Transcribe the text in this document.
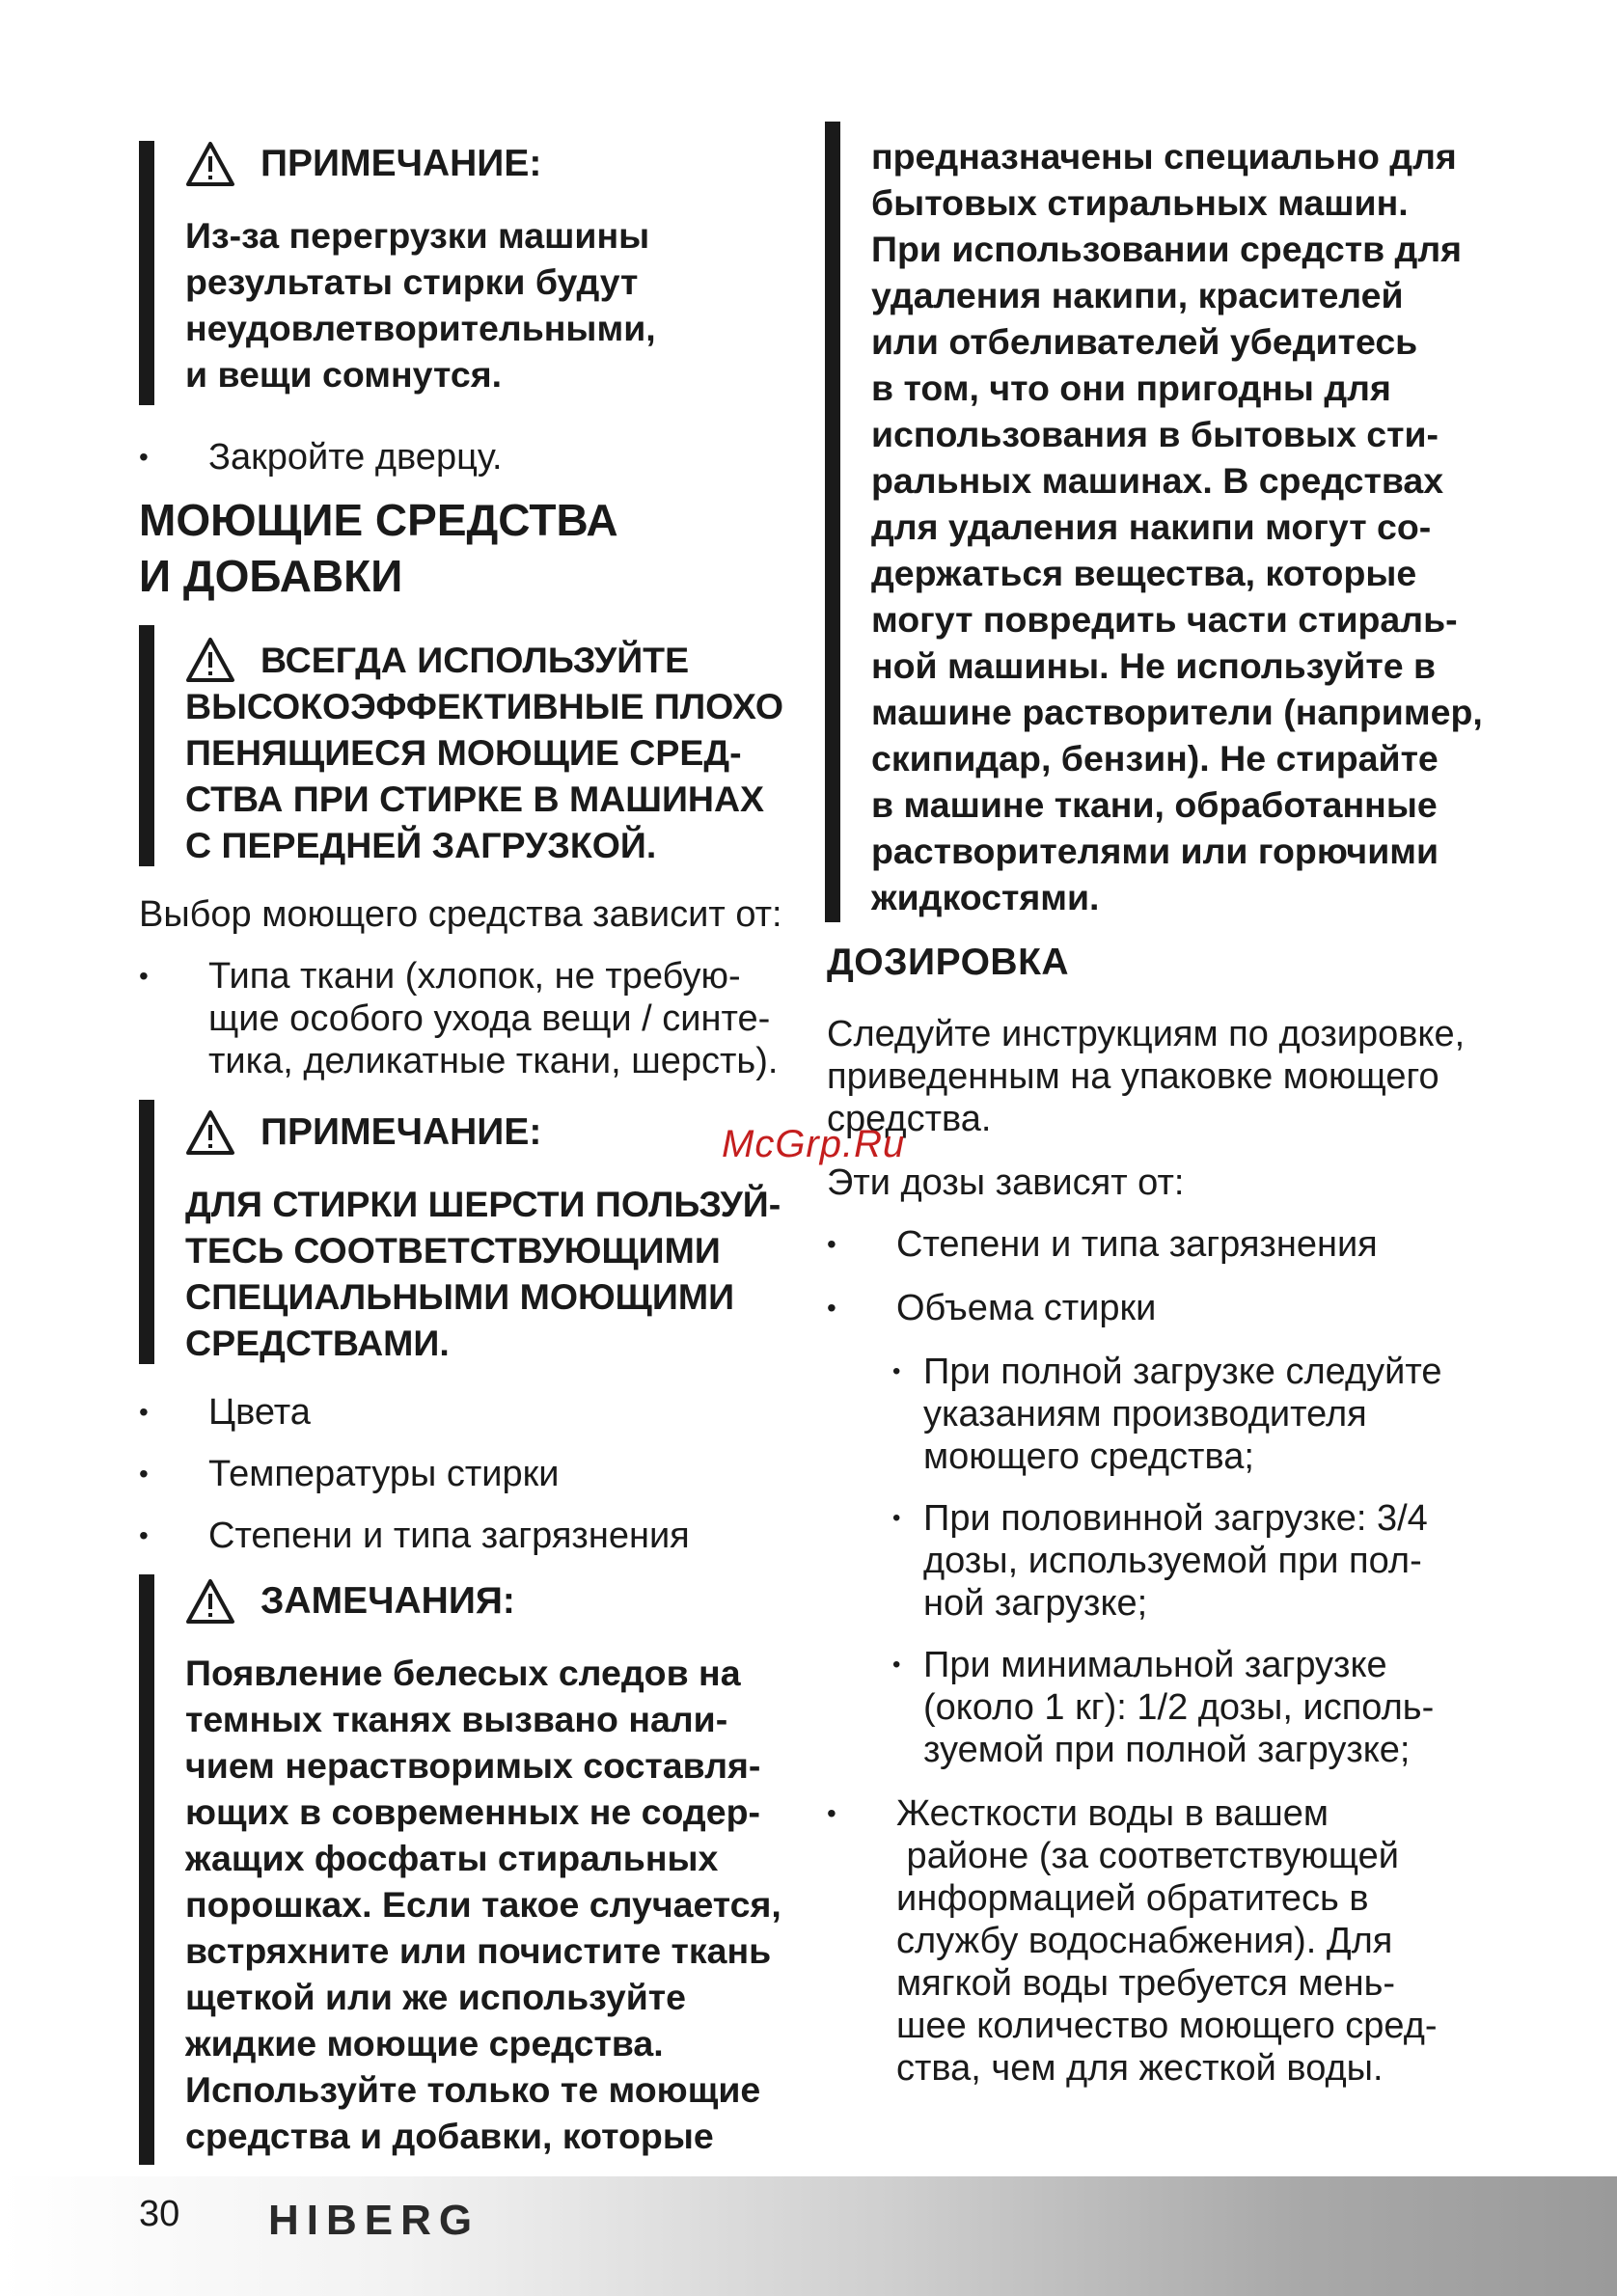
ПРИМЕЧАНИЕ:
Из-за перегрузки машины
результаты стирки будут
неудовлетворительными,
и вещи сомнутся.
• Закройте дверцу.
МОЮЩИЕ СРЕДСТВА
И ДОБАВКИ
ВСЕГДА ИСПОЛЬЗУЙТЕ
ВЫСОКОЭФФЕКТИВНЫЕ ПЛОХО
ПЕНЯЩИЕСЯ МОЮЩИЕ СРЕД-
СТВА ПРИ СТИРКЕ В МАШИНАХ
С ПЕРЕДНЕЙ ЗАГРУЗКОЙ.
Выбор моющего средства зависит от:
• Типа ткани (хлопок, не требую-
щие особого ухода вещи / синте-
тика, деликатные ткани, шерсть).
ПРИМЕЧАНИЕ:
ДЛЯ СТИРКИ ШЕРСТИ ПОЛЬЗУЙ-
ТЕСЬ СООТВЕТСТВУЮЩИМИ
СПЕЦИАЛЬНЫМИ МОЮЩИМИ
СРЕДСТВАМИ.
• Цвета
• Температуры стирки
• Степени и типа загрязнения
ЗАМЕЧАНИЯ:
Появление белесых следов на
темных тканях вызвано нали-
чием нерастворимых составля-
ющих в современных не содер-
жащих фосфаты стиральных
порошках. Если такое случается,
встряхните или почистите ткань
щеткой или же используйте
жидкие моющие средства.
Используйте только те моющие
средства и добавки, которые
предназначены специально для
бытовых стиральных машин.
При использовании средств для
удаления накипи, красителей
или отбеливателей убедитесь
в том, что они пригодны для
использования в бытовых сти-
ральных машинах. В средствах
для удаления накипи могут со-
держаться вещества, которые
могут повредить части стираль-
ной машины. Не используйте в
машине растворители (например,
скипидар, бензин). Не стирайте
в машине ткани, обработанные
растворителями или горючими
жидкостями.
ДОЗИРОВКА
Следуйте инструкциям по дозировке,
приведенным на упаковке моющего
средства.
Эти дозы зависят от:
• Степени и типа загрязнения
• Объема стирки
• При полной загрузке следуйте
указаниям производителя
моющего средства;
• При половинной загрузке: 3/4
дозы, используемой при пол-
ной загрузке;
• При минимальной загрузке
(около 1 кг): 1/2 дозы, исполь-
зуемой при полной загрузке;
• Жесткости воды в вашем
районе (за соответствующей
информацией обратитесь в
службу водоснабжения). Для
мягкой воды требуется мень-
шее количество моющего сред-
ства, чем для жесткой воды.
McGrp.Ru
30 HIBERG
